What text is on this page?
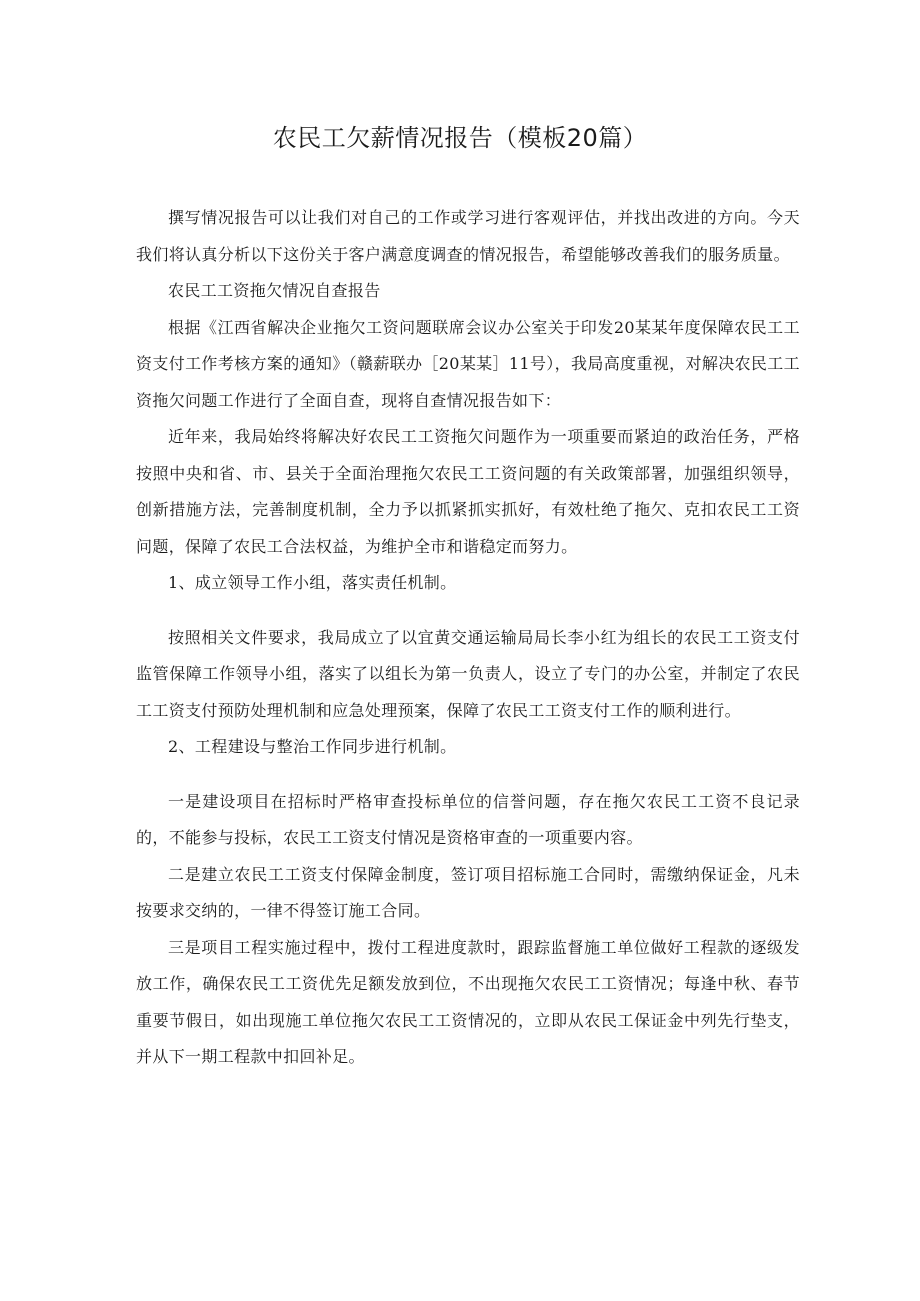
农民工欠薪情况报告（模板20篇）

撰写情况报告可以让我们对自己的工作或学习进行客观评估，并找出改进的方向。今天我们将认真分析以下这份关于客户满意度调查的情况报告，希望能够改善我们的服务质量。

农民工工资拖欠情况自查报告

根据《江西省解决企业拖欠工资问题联席会议办公室关于印发20某某年度保障农民工工资支付工作考核方案的通知》（赣薪联办［20某某］11号），我局高度重视，对解决农民工工资拖欠问题工作进行了全面自查，现将自查情况报告如下：

近年来，我局始终将解决好农民工工资拖欠问题作为一项重要而紧迫的政治任务，严格按照中央和省、市、县关于全面治理拖欠农民工工资问题的有关政策部署，加强组织领导，创新措施方法，完善制度机制，全力予以抓紧抓实抓好，有效杜绝了拖欠、克扣农民工工资问题，保障了农民工合法权益，为维护全市和谐稳定而努力。

1、成立领导工作小组，落实责任机制。

按照相关文件要求，我局成立了以宜黄交通运输局局长李小红为组长的农民工工资支付监管保障工作领导小组，落实了以组长为第一负责人，设立了专门的办公室，并制定了农民工工资支付预防处理机制和应急处理预案，保障了农民工工资支付工作的顺利进行。

2、工程建设与整治工作同步进行机制。

一是建设项目在招标时严格审查投标单位的信誉问题，存在拖欠农民工工资不良记录的，不能参与投标，农民工工资支付情况是资格审查的一项重要内容。

二是建立农民工工资支付保障金制度，签订项目招标施工合同时，需缴纳保证金，凡未按要求交纳的，一律不得签订施工合同。

三是项目工程实施过程中，拨付工程进度款时，跟踪监督施工单位做好工程款的逐级发放工作，确保农民工工资优先足额发放到位，不出现拖欠农民工工资情况；每逢中秋、春节重要节假日，如出现施工单位拖欠农民工工资情况的，立即从农民工保证金中列先行垫支，并从下一期工程款中扣回补足。
